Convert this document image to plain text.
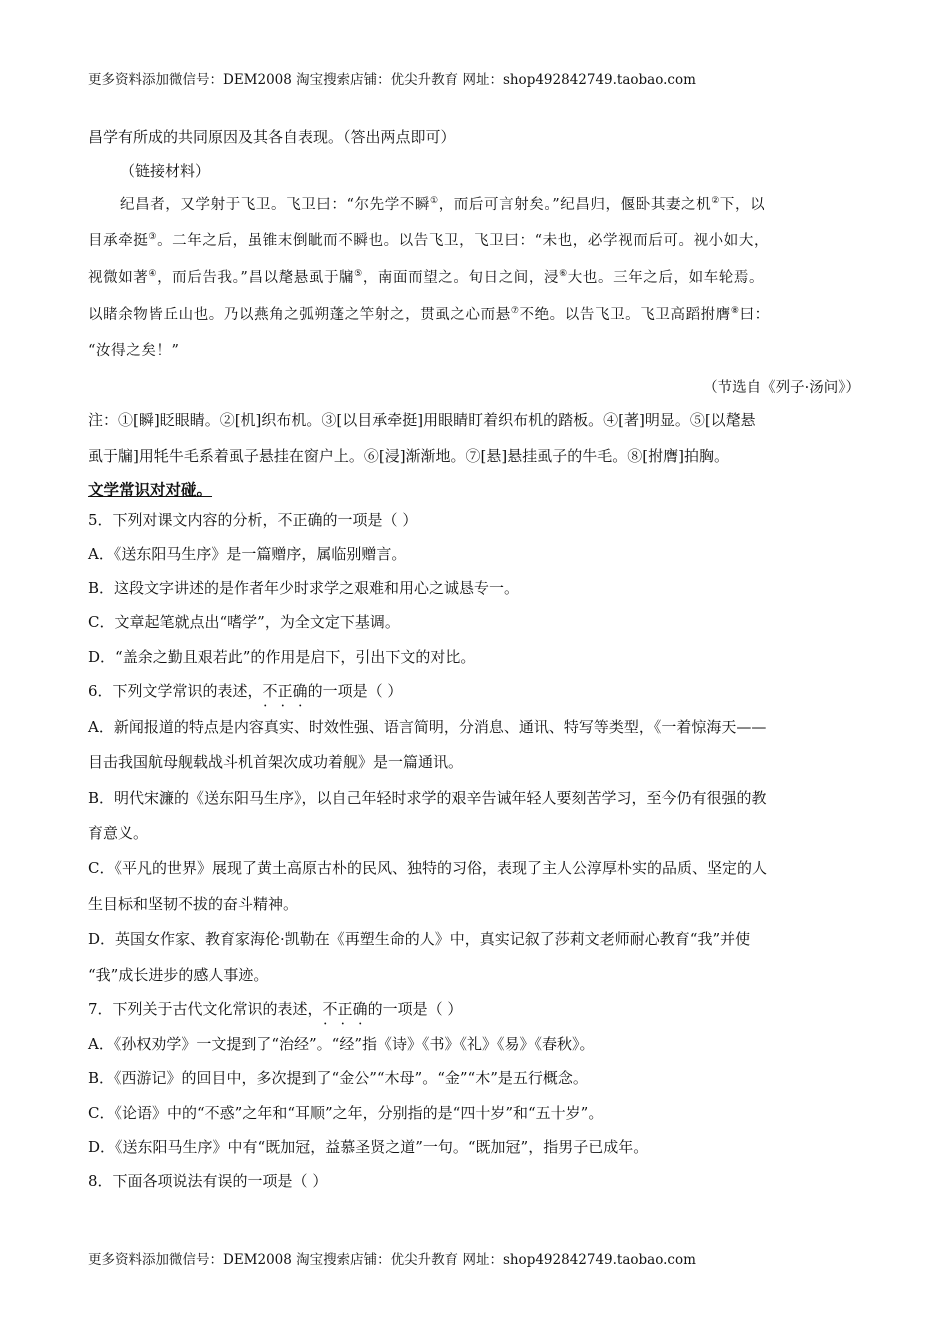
更多资料添加微信号：DEM2008 淘宝搜索店铺：优尖升教育 网址：shop492842749.taobao.com
昌学有所成的共同原因及其各自表现。（答出两点即可）
（链接材料）
纪昌者，又学射于飞卫。飞卫曰：“尔先学不瞬①，而后可言射矣。”纪昌归，偃卧其妻之机②下，以
目承牵挺③。二年之后，虽锥末倒眦而不瞬也。以告飞卫，飞卫曰：“未也，必学视而后可。视小如大，
视微如著④，而后告我。”昌以氂悬虱于牖⑤，南面而望之。旬日之间，浸⑥大也。三年之后，如车轮焉。
以睹余物皆丘山也。乃以燕角之弧朔蓬之竿射之，贯虱之心而悬⑦不绝。以告飞卫。飞卫高蹈拊膺⑧曰：
“汝得之矣！”
（节选自《列子·汤问》）
注：①[瞬]眨眼睛。②[机]织布机。③[以目承牵挺]用眼睛盯着织布机的踏板。④[著]明显。⑤[以氂悬
虱于牖]用牦牛毛系着虱子悬挂在窗户上。⑥[浸]渐渐地。⑦[悬]悬挂虱子的牛毛。⑧[拊膺]拍胸。
文学常识对对碰。
5．下列对课文内容的分析，不正确的一项是（ ）
A．《送东阳马生序》是一篇赠序，属临别赠言。
B．这段文字讲述的是作者年少时求学之艰难和用心之诚恳专一。
C．文章起笔就点出“嗜学”，为全文定下基调。
D．“盖余之勤且艰若此”的作用是启下，引出下文的对比。
6．下列文学常识的表述，不正确 • • •的一项是（ ）
A．新闻报道的特点是内容真实、时效性强、语言简明，分消息、通讯、特写等类型，《一着惊海天——
目击我国航母舰载战斗机首架次成功着舰》是一篇通讯。
B．明代宋濂的《送东阳马生序》，以自己年轻时求学的艰辛告诫年轻人要刻苦学习，至今仍有很强的教
育意义。
C．《平凡的世界》展现了黄土高原古朴的民风、独特的习俗，表现了主人公淳厚朴实的品质、坚定的人
生目标和坚韧不拔的奋斗精神。
D．英国女作家、教育家海伦·凯勒在《再塑生命的人》中，真实记叙了莎莉文老师耐心教育“我”并使
“我”成长进步的感人事迹。
7．下列关于古代文化常识的表述，不正确 • • •的一项是（ ）
A．《孙权劝学》一文提到了“治经”。“经”指《诗》《书》《礼》《易》《春秋》。
B．《西游记》的回目中，多次提到了“金公”“木母”。“金”“木”是五行概念。
C．《论语》中的“不惑”之年和“耳顺”之年，分别指的是“四十岁”和“五十岁”。
D．《送东阳马生序》中有“既加冠，益慕圣贤之道”一句。“既加冠”，指男子已成年。
8．下面各项说法有误的一项是（ ）
更多资料添加微信号：DEM2008 淘宝搜索店铺：优尖升教育 网址：shop492842749.taobao.com
